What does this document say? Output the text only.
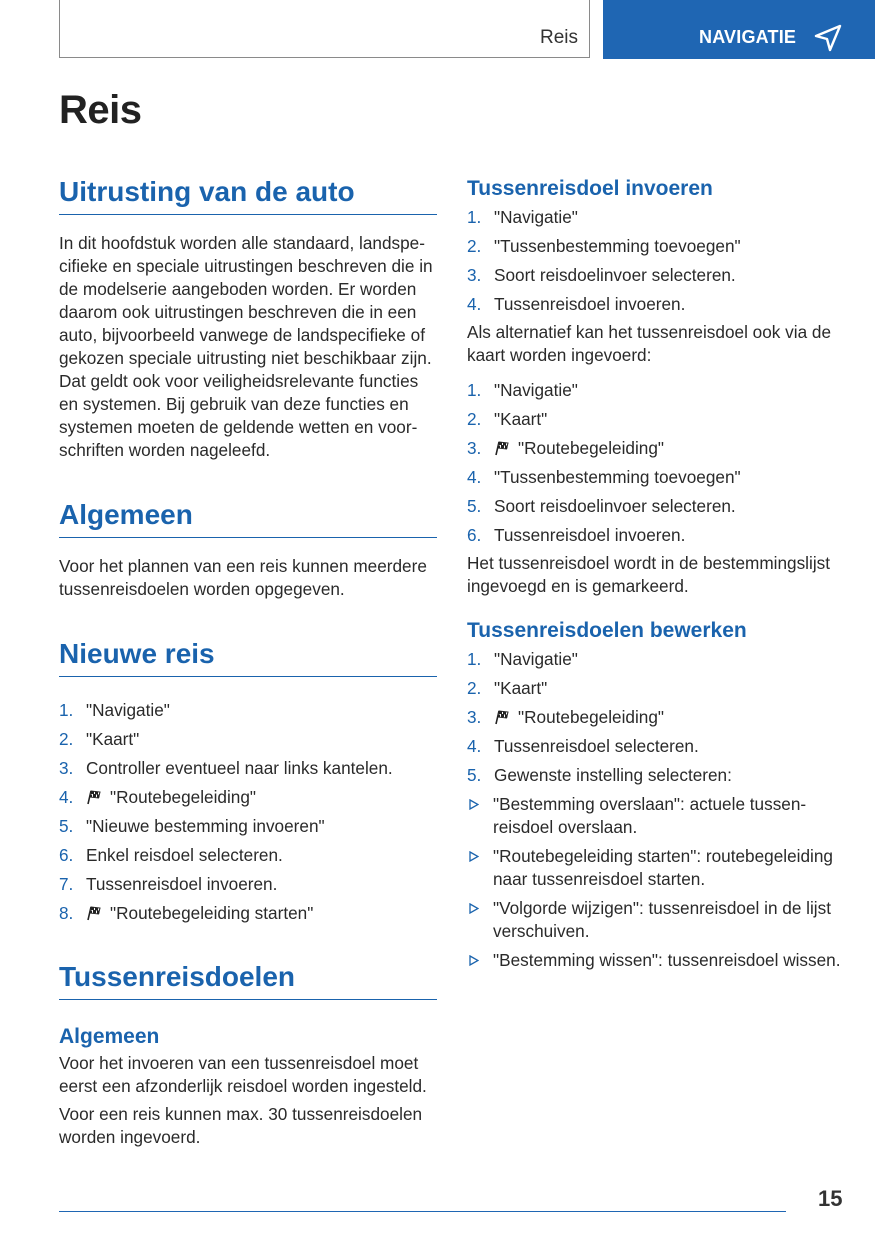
Reis	NAVIGATIE
Reis
Uitrusting van de auto

In dit hoofdstuk worden alle standaard, landspecifieke en speciale uitrustingen beschreven die in de modelserie aangeboden worden. Er worden daarom ook uitrustingen beschreven die in een auto, bijvoorbeeld vanwege de landspecifieke of gekozen speciale uitrusting niet beschikbaar zijn. Dat geldt ook voor veiligheidsrelevante functies en systemen. Bij gebruik van deze functies en systemen moeten de geldende wetten en voorschriften worden nageleefd.

Algemeen

Voor het plannen van een reis kunnen meerdere tussenreisdoelen worden opgegeven.

Nieuwe reis
1. "Navigatie"
2. "Kaart"
3. Controller eventueel naar links kantelen.
4. "Routebegeleiding"
5. "Nieuwe bestemming invoeren"
6. Enkel reisdoel selecteren.
7. Tussenreisdoel invoeren.
8. "Routebegeleiding starten"
Tussenreisdoelen
Algemeen

Voor het invoeren van een tussenreisdoel moet eerst een afzonderlijk reisdoel worden ingesteld.

Voor een reis kunnen max. 30 tussenreisdoelen worden ingevoerd.

Tussenreisdoel invoeren
1. "Navigatie"
2. "Tussenbestemming toevoegen"
3. Soort reisdoelinvoer selecteren.
4. Tussenreisdoel invoeren.

Als alternatief kan het tussenreisdoel ook via de kaart worden ingevoerd:

1. "Navigatie"
2. "Kaart"
3. "Routebegeleiding"
4. "Tussenbestemming toevoegen"
5. Soort reisdoelinvoer selecteren.
6. Tussenreisdoel invoeren.

Het tussenreisdoel wordt in de bestemmingslijst ingevoegd en is gemarkeerd.

Tussenreisdoelen bewerken
1. "Navigatie"
2. "Kaart"
3. "Routebegeleiding"
4. Tussenreisdoel selecteren.
5. Gewenste instelling selecteren:
"Bestemming overslaan": actuele tussenreisdoel overslaan.
"Routebegeleiding starten": routebegeleiding naar tussenreisdoel starten.
"Volgorde wijzigen": tussenreisdoel in de lijst verschuiven.
"Bestemming wissen": tussenreisdoel wissen.
15
